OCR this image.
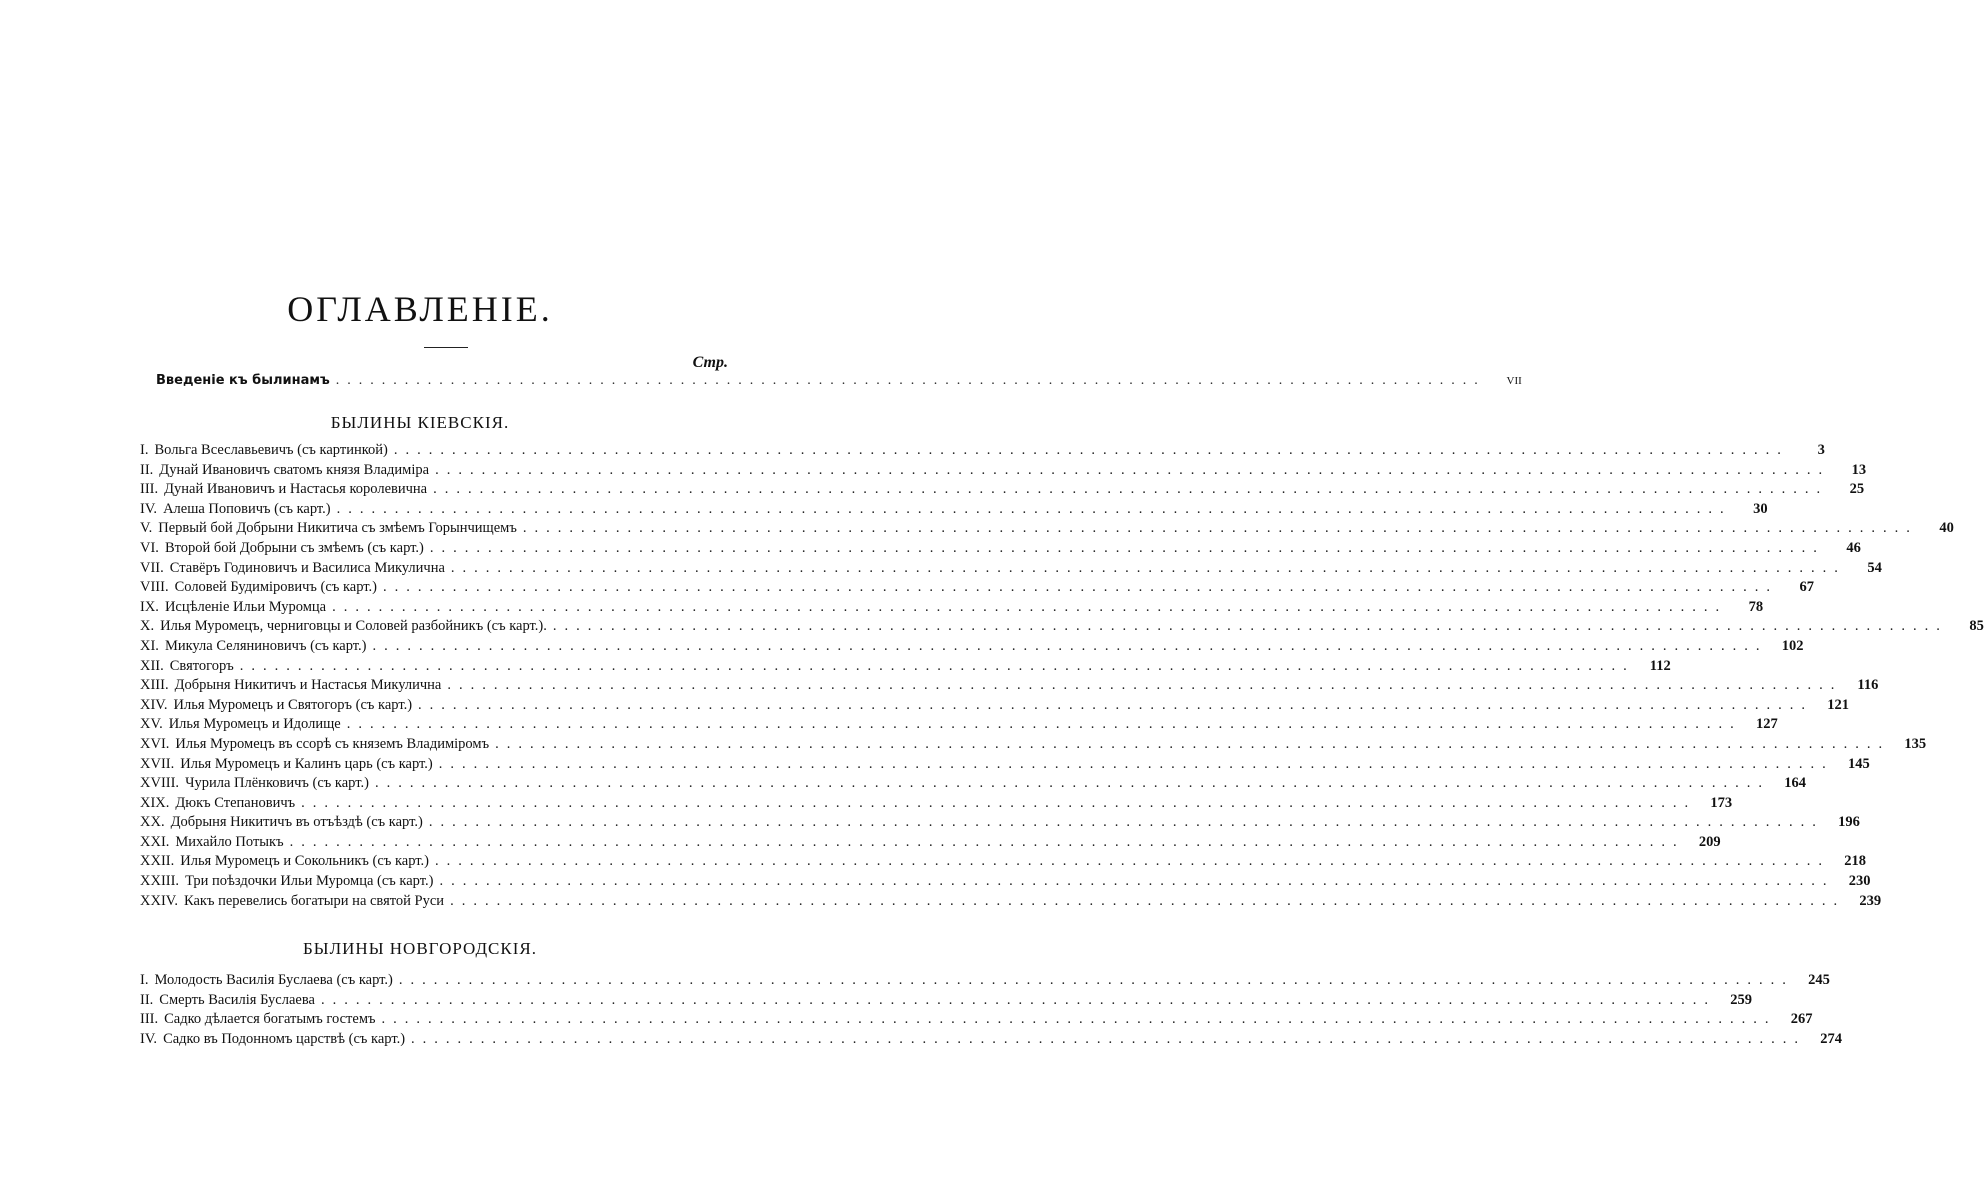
ОГЛАВЛЕНІЕ.
Стр.
Введеніе къ былинамъ ....................................................................................................	VII
БЫЛИНЫ КІЕВСКІЯ.
I. Вольга Всеславьевичъ (съ картинкой) ........................................................................................................................	3
II. Дунай Ивановичъ сватомъ князя Владиміра ........................................................................................................................	13
III. Дунай Ивановичъ и Настасья королевична ........................................................................................................................	25
IV. Алеша Поповичъ (съ карт.) ........................................................................................................................	30
V. Первый бой Добрыни Никитича съ змѣемъ Горынчищемъ ........................................................................................................................	40
VI. Второй бой Добрыни съ змѣемъ (съ карт.) ........................................................................................................................	46
VII. Ставёръ Годиновичъ и Василиса Микулична ........................................................................................................................	54
VIII. Соловей Будиміровичъ (съ карт.) ........................................................................................................................	67
IX. Исцѣленіе Ильи Муромца ........................................................................................................................	78
X. Илья Муромецъ, черниговцы и Соловей разбойникъ (съ карт.). ........................................................................................................................	85
XI. Микула Селяниновичъ (съ карт.) ........................................................................................................................ 102
XII. Святогоръ ........................................................................................................................	112
XIII. Добрыня Никитичъ и Настасья Микулична ........................................................................................................................	116
XIV. Илья Муромецъ и Святогоръ (съ карт.) ........................................................................................................................ 121
XV. Илья Муромецъ и Идолище ........................................................................................................................ 127
XVI. Илья Муромецъ въ ссорѣ съ княземъ Владиміромъ ........................................................................................................................ 135
XVII. Илья Муромецъ и Калинъ царь (съ карт.) ........................................................................................................................ 145
XVIII. Чурила Плёнковичъ (съ карт.) ........................................................................................................................ 164
XIX. Дюкъ Степановичъ ........................................................................................................................ 173
XX. Добрыня Никитичъ въ отъѣздѣ (съ карт.) ........................................................................................................................ 196
XXI. Михайло Потыкъ ........................................................................................................................ 209
XXII. Илья Муромецъ и Сокольникъ (съ карт.) ........................................................................................................................ 218
XXIII. Три поѣздочки Ильи Муромца (съ карт.) ........................................................................................................................ 230
XXIV. Какъ перевелись богатыри на святой Руси ........................................................................................................................ 239
БЫЛИНЫ НОВГОРОДСКІЯ.
I. Молодость Василія Буслаева (съ карт.) ........................................................................................................................ 245
II. Смерть Василія Буслаева ........................................................................................................................ 259
III. Садко дѣлается богатымъ гостемъ ........................................................................................................................ 267
IV. Садко въ Подонномъ царствѣ (съ карт.) ........................................................................................................................ 274
